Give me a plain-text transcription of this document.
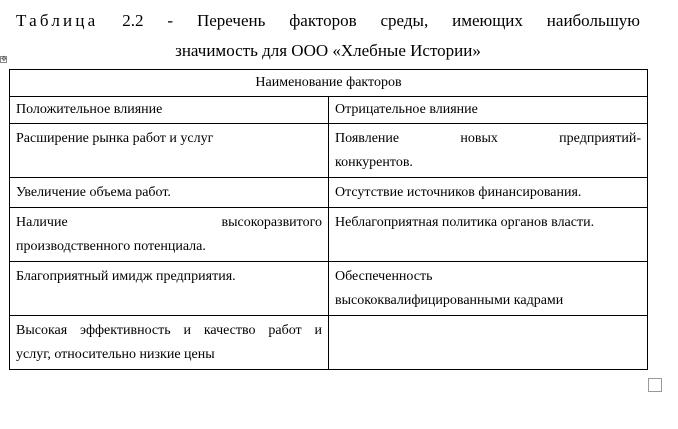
Таблица 2.2 - Перечень факторов среды, имеющих наибольшую
значимость для ООО «Хлебные Истории»
✥
Наименование факторов	
Положительное влияние	Отрицательное влияние

Расширение рынка работ и услуг	Появление новых предприятий-
конкурентов.

Увеличение объема работ.	Отсутствие источников финансирования.

Наличие высокоразвитого
производственного потенциала.	Неблагоприятная политика органов власти.

Благоприятный имидж предприятия.	Обеспеченность
высококвалифицированными кадрами

Высокая эффективность и качество работ и
услуг, относительно низкие цены	
